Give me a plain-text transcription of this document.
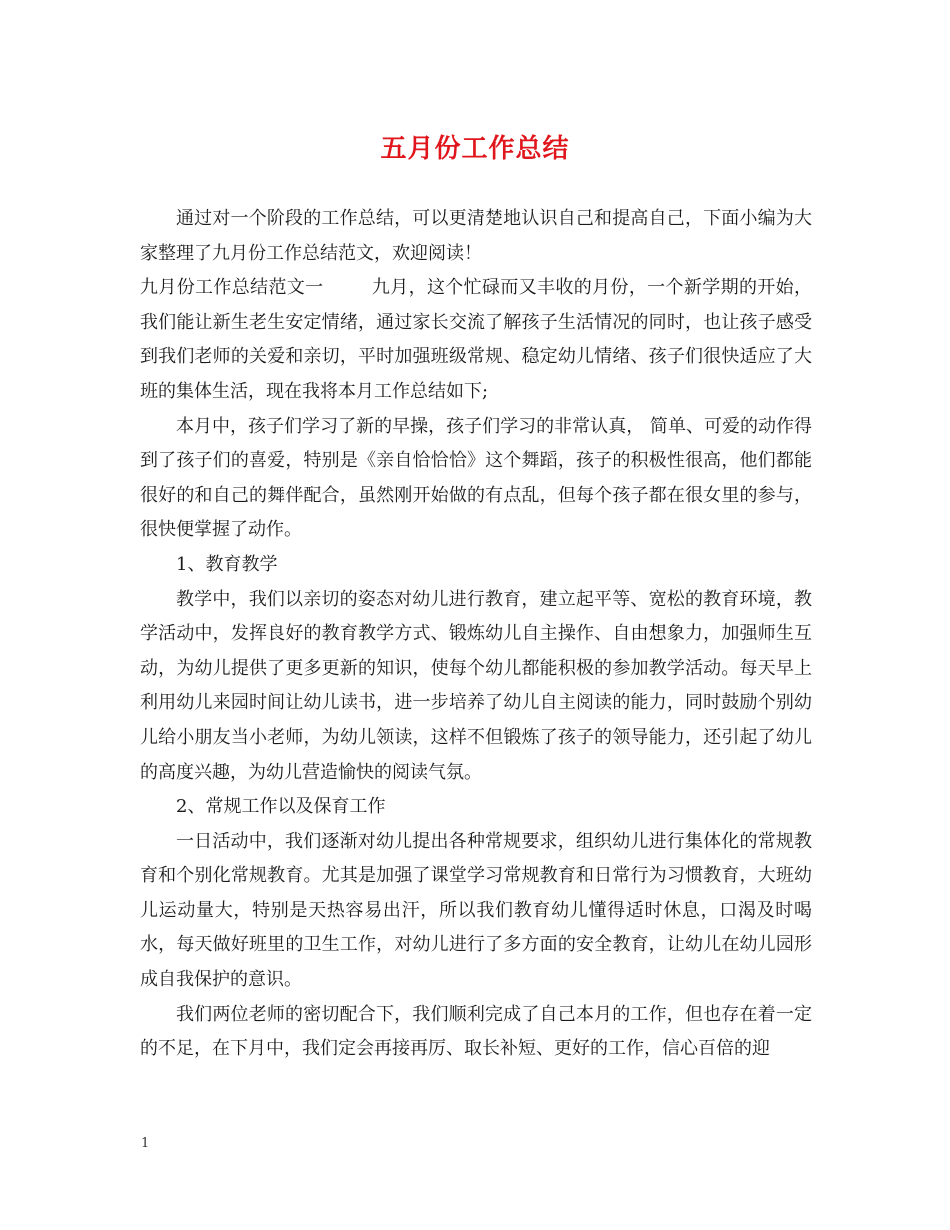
五月份工作总结

通过对一个阶段的工作总结，可以更清楚地认识自己和提高自己，下面小编为大家整理了九月份工作总结范文，欢迎阅读！

九月份工作总结范文一	九月，这个忙碌而又丰收的月份，一个新学期的开始，我们能让新生老生安定情绪，通过家长交流了解孩子生活情况的同时，也让孩子感受到我们老师的关爱和亲切，平时加强班级常规、稳定幼儿情绪、孩子们很快适应了大班的集体生活，现在我将本月工作总结如下;

本月中，孩子们学习了新的早操，孩子们学习的非常认真， 简单、可爱的动作得到了孩子们的喜爱，特别是《亲自恰恰恰》这个舞蹈，孩子的积极性很高，他们都能很好的和自己的舞伴配合，虽然刚开始做的有点乱，但每个孩子都在很女里的参与，很快便掌握了动作。

1、教育教学

教学中，我们以亲切的姿态对幼儿进行教育，建立起平等、宽松的教育环境，教学活动中，发挥良好的教育教学方式、锻炼幼儿自主操作、自由想象力，加强师生互动，为幼儿提供了更多更新的知识，使每个幼儿都能积极的参加教学活动。每天早上利用幼儿来园时间让幼儿读书，进一步培养了幼儿自主阅读的能力，同时鼓励个别幼儿给小朋友当小老师，为幼儿领读，这样不但锻炼了孩子的领导能力，还引起了幼儿的高度兴趣，为幼儿营造愉快的阅读气氛。

2、常规工作以及保育工作

一日活动中，我们逐渐对幼儿提出各种常规要求，组织幼儿进行集体化的常规教育和个别化常规教育。尤其是加强了课堂学习常规教育和日常行为习惯教育，大班幼儿运动量大，特别是天热容易出汗，所以我们教育幼儿懂得适时休息，口渴及时喝水，每天做好班里的卫生工作，对幼儿进行了多方面的安全教育，让幼儿在幼儿园形成自我保护的意识。

我们两位老师的密切配合下，我们顺利完成了自己本月的工作，但也存在着一定的不足，在下月中，我们定会再接再厉、取长补短、更好的工作，信心百倍的迎

1
